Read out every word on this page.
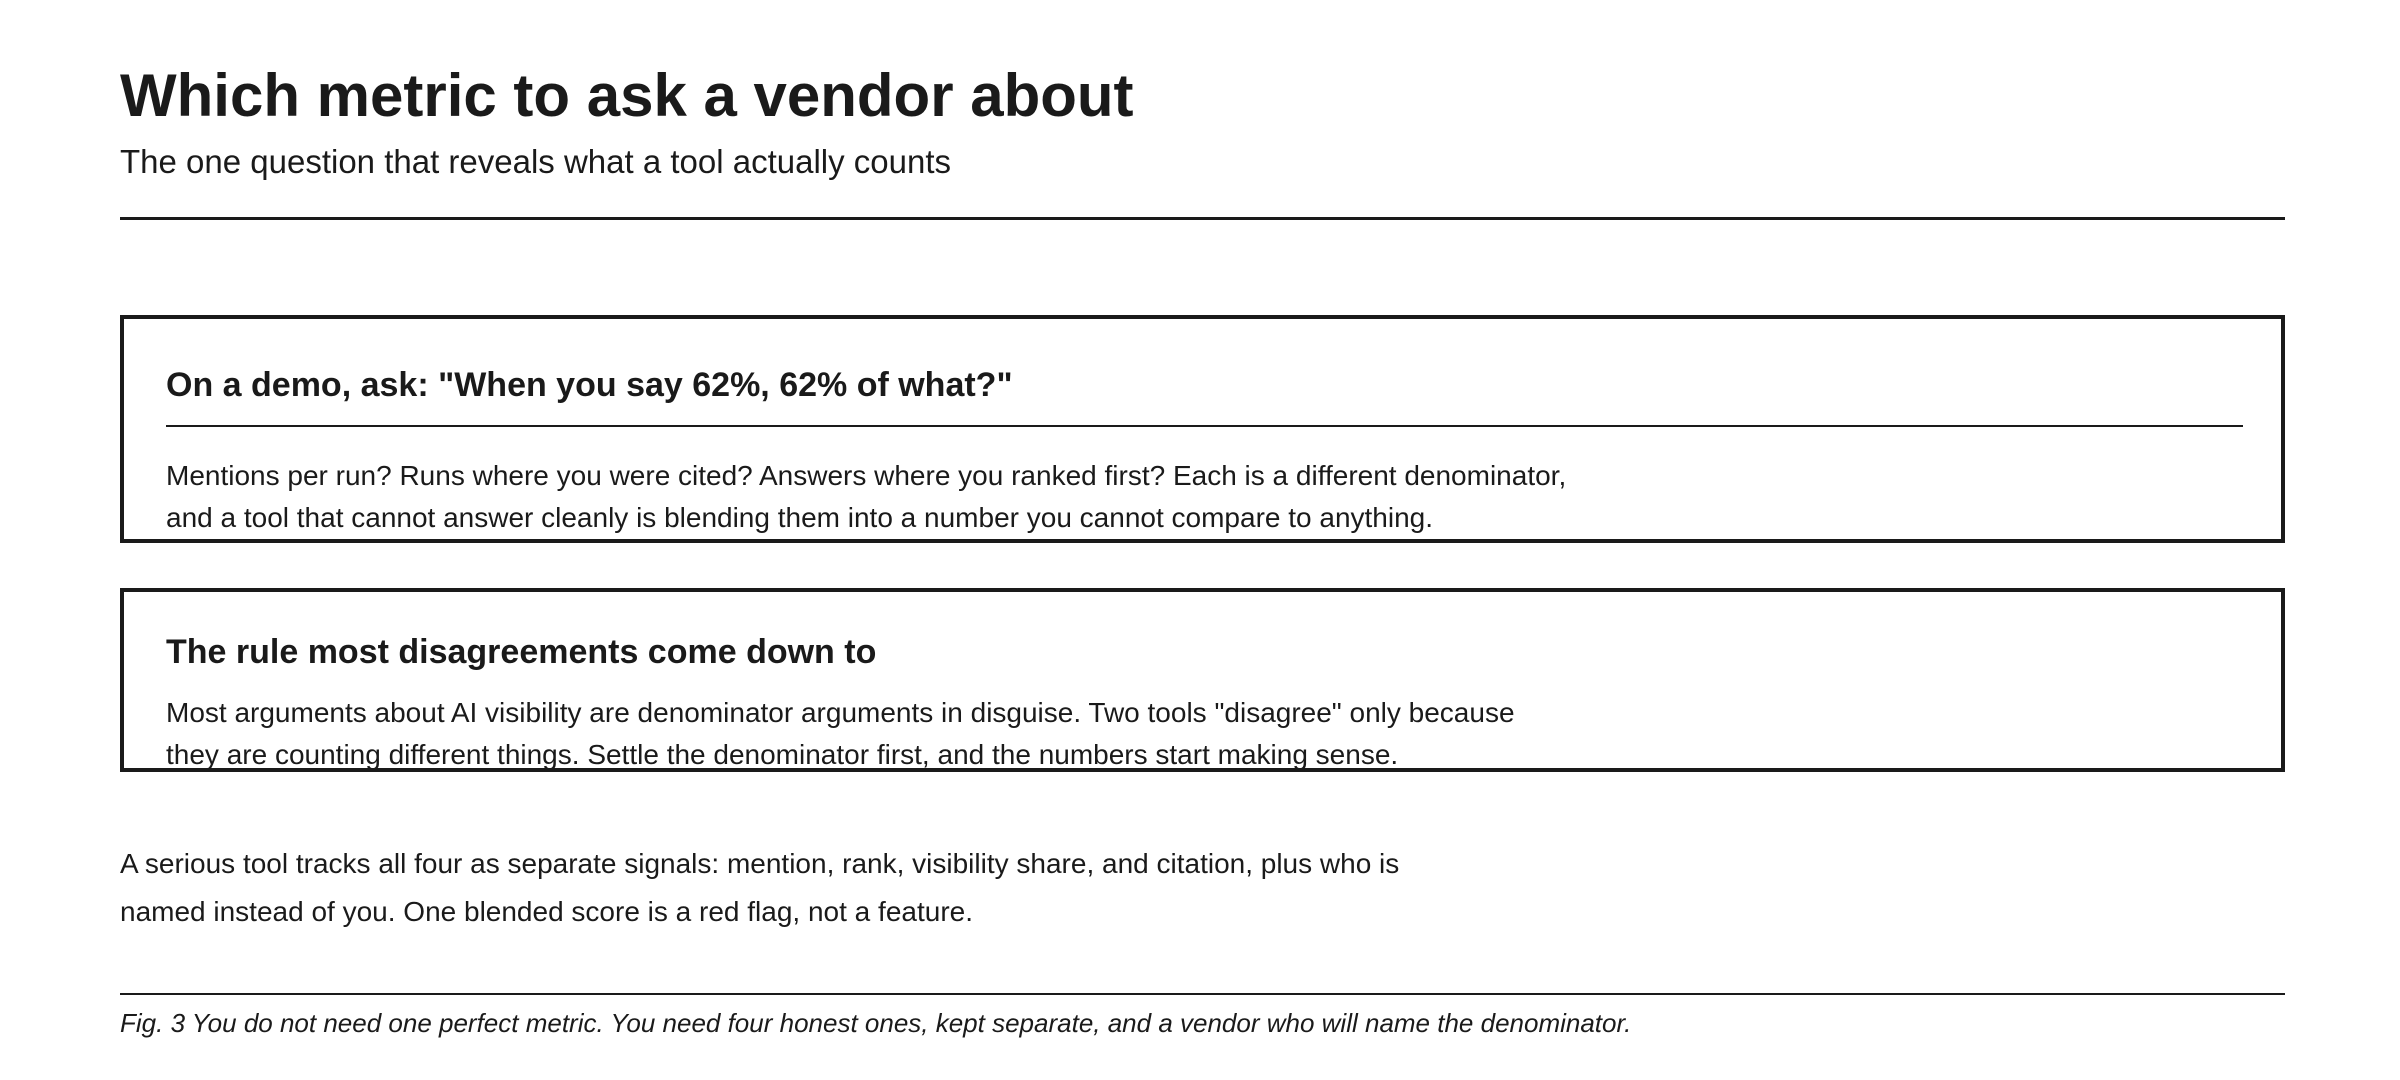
Which metric to ask a vendor about

The one question that reveals what a tool actually counts

On a demo, ask: "When you say 62%, 62% of what?"

Mentions per run? Runs where you were cited? Answers where you ranked first? Each is a different denominator,
and a tool that cannot answer cleanly is blending them into a number you cannot compare to anything.

The rule most disagreements come down to

Most arguments about AI visibility are denominator arguments in disguise. Two tools "disagree" only because
they are counting different things. Settle the denominator first, and the numbers start making sense.

A serious tool tracks all four as separate signals: mention, rank, visibility share, and citation, plus who is
named instead of you. One blended score is a red flag, not a feature.

Fig. 3 You do not need one perfect metric. You need four honest ones, kept separate, and a vendor who will name the denominator.
